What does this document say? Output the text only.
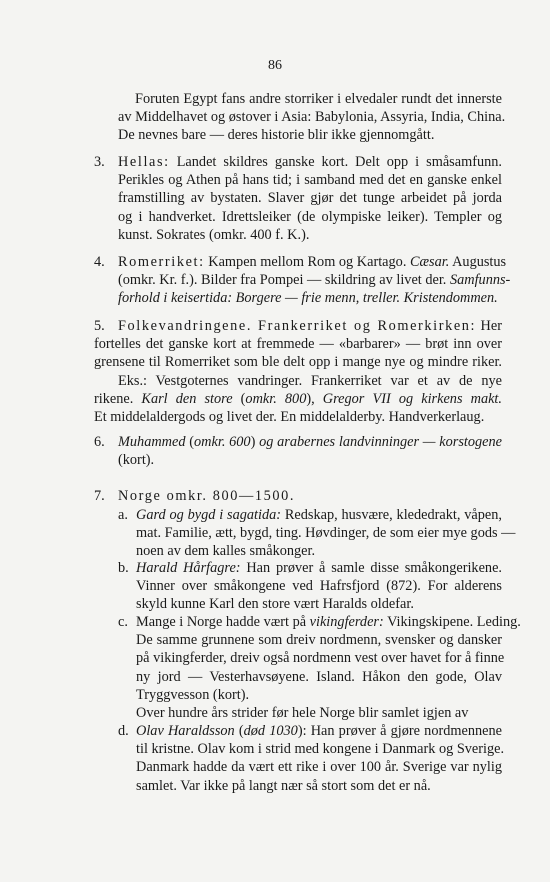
86
Foruten Egypt fans andre storriker i elvedaler rundt det innerste
av Middelhavet og østover i Asia: Babylonia, Assyria, India, China.
De nevnes bare — deres historie blir ikke gjennomgått.
3. Hellas: Landet skildres ganske kort. Delt opp i småsamfunn.
Perikles og Athen på hans tid; i samband med det en ganske enkel
framstilling av bystaten. Slaver gjør det tunge arbeidet på jorda
og i handverket. Idrettsleiker (de olympiske leiker). Templer og
kunst. Sokrates (omkr. 400 f. K.).
4. Romerriket: Kampen mellom Rom og Kartago. Cæsar. Augustus
(omkr. Kr. f.). Bilder fra Pompei — skildring av livet der. Samfunns-
forhold i keisertida: Borgere — frie menn, treller. Kristendommen.
5. Folkevandringene. Frankerriket og Romerkirken: Her
fortelles det ganske kort at fremmede — «barbarer» — brøt inn over
grensene til Romerriket som ble delt opp i mange nye og mindre riker.
Eks.: Vestgoternes vandringer. Frankerriket var et av de nye
rikene. Karl den store (omkr. 800), Gregor VII og kirkens makt.
Et middelaldergods og livet der. En middelalderby. Handverkerlaug.
6. Muhammed (omkr. 600) og arabernes landvinninger — korstogene
(kort).
7. Norge omkr. 800—1500.
a. Gard og bygd i sagatida: Redskap, husvære, klededrakt, våpen,
mat. Familie, ætt, bygd, ting. Høvdinger, de som eier mye gods —
noen av dem kalles småkonger.
b. Harald Hårfagre: Han prøver å samle disse småkongerikene.
Vinner over småkongene ved Hafrsfjord (872). For alderens
skyld kunne Karl den store vært Haralds oldefar.
c. Mange i Norge hadde vært på vikingferder: Vikingskipene. Leding.
De samme grunnene som dreiv nordmenn, svensker og dansker
på vikingferder, dreiv også nordmenn vest over havet for å finne
ny jord — Vesterhavsøyene. Island. Håkon den gode, Olav
Tryggvesson (kort).
Over hundre års strider før hele Norge blir samlet igjen av
d. Olav Haraldsson (død 1030): Han prøver å gjøre nordmennene
til kristne. Olav kom i strid med kongene i Danmark og Sverige.
Danmark hadde da vært ett rike i over 100 år. Sverige var nylig
samlet. Var ikke på langt nær så stort som det er nå.
